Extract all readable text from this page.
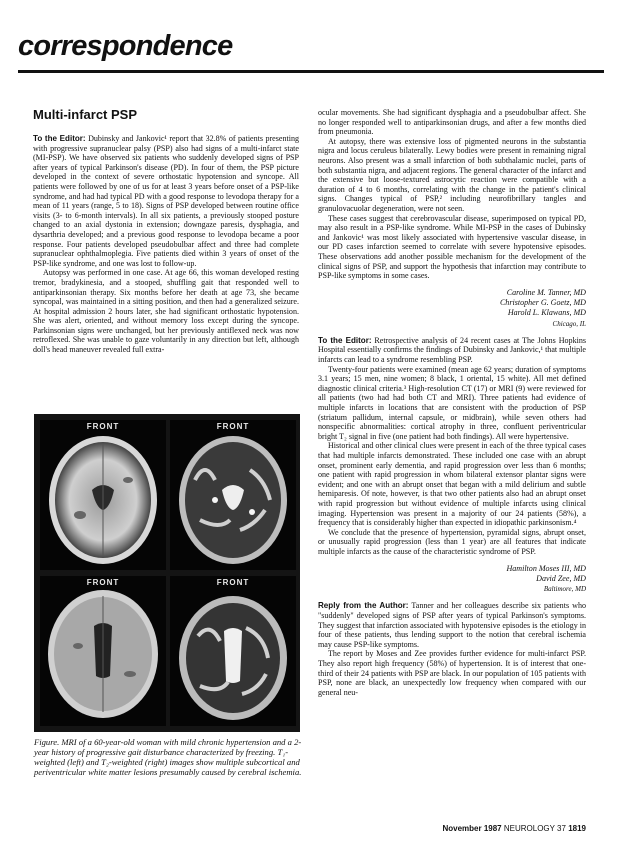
correspondence
Multi-infarct PSP

To the Editor: Dubinsky and Jankovic¹ report that 32.8% of patients presenting with progressive supranuclear palsy (PSP) also had signs of a multi-infarct state (MI-PSP). We have observed six patients who suddenly developed signs of PSP after years of typical Parkinson's disease (PD). In four of them, the PSP picture developed in the context of severe orthostatic hypotension and syncope. All patients were followed by one of us for at least 3 years before onset of a PSP-like syndrome, and had had typical PD with a good response to levodopa therapy for a mean of 11 years (range, 5 to 18). Signs of PSP developed between routine office visits (3- to 6-month intervals). In all six patients, a previously stooped posture changed to an axial dystonia in extension; downgaze paresis, dysphagia, and dysarthria developed; and a previous good response to levodopa became a poor response. Four patients developed pseudobulbar affect and three had complete supranuclear ophthalmoplegia. Five patients died within 3 years of onset of the PSP-like syndrome, and one was lost to follow-up.

Autopsy was performed in one case. At age 66, this woman developed resting tremor, bradykinesia, and a stooped, shuffling gait that responded well to antiparkinsonian therapy. Six months before her death at age 73, she became syncopal, was maintained in a sitting position, and then had a generalized seizure. At hospital admission 2 hours later, she had significant orthostatic hypotension. She was alert, oriented, and without memory loss except during the syncope. Parkinsonian signs were unchanged, but her previously antiflexed neck was now retroflexed. She was unable to gaze voluntarily in any direction but left, although doll's head maneuver revealed full extra-

FRONT	FRONT
FRONT	FRONT
Figure. MRI of a 60-year-old woman with mild chronic hypertension and a 2-year history of progressive gait disturbance characterized by freezing. T₁-weighted (left) and T₂-weighted (right) images show multiple subcortical and periventricular white matter lesions presumably caused by cerebral ischemia.

ocular movements. She had significant dysphagia and a pseudobulbar affect. She no longer responded well to antiparkinsonian drugs, and after a few months died from pneumonia.

At autopsy, there was extensive loss of pigmented neurons in the substantia nigra and locus ceruleus bilaterally. Lewy bodies were present in remaining nigral neurons. Also present was a small infarction of both subthalamic nuclei, parts of both substantia nigra, and adjacent regions. The general character of the infarct and the extensive but loose-textured astrocytic reaction were compatible with a duration of 4 to 6 months, correlating with the change in the patient's clinical signs. Changes typical of PSP,² including neurofibrillary tangles and granulovacuolar degeneration, were not seen.

These cases suggest that cerebrovascular disease, superimposed on typical PD, may also result in a PSP-like syndrome. While MI-PSP in the cases of Dubinsky and Jankovic¹ was most likely associated with hypertensive vascular disease, in our PD cases infarction seemed to correlate with severe hypotensive episodes. These observations add another possible mechanism for the development of the clinical signs of PSP, and support the hypothesis that infarction may contribute to PSP-like symptoms in some cases.

Caroline M. Tanner, MD
Christopher G. Goetz, MD
Harold L. Klawans, MD
Chicago, IL

To the Editor: Retrospective analysis of 24 recent cases at The Johns Hopkins Hospital essentially confirms the findings of Dubinsky and Jankovic,¹ that multiple infarcts can lead to a syndrome resembling PSP.

Twenty-four patients were examined (mean age 62 years; duration of symptoms 3.1 years; 15 men, nine women; 8 black, 1 oriental, 15 white). All met defined diagnostic clinical criteria.³ High-resolution CT (17) or MRI (9) were reviewed for all patients (two had had both CT and MRI). Three patients had evidence of multiple infarcts in locations that are consistent with the production of PSP (striatum pallidum, internal capsule, or midbrain), while seven others had nonspecific abnormalities: cortical atrophy in three, confluent periventricular bright T₂ signal in five (one patient had both findings). All were hypertensive.

Historical and other clinical clues were present in each of the three typical cases that had multiple infarcts demonstrated. These included one case with an abrupt onset, prominent early dementia, and rapid progression over less than 6 months; one patient with rapid progression in whom bilateral extensor plantar signs were evident; and one with an abrupt onset that began with a mild delirium and subtle hemiparesis. Of note, however, is that two other patients also had an abrupt onset with rapid progression but without evidence of multiple infarcts using clinical imaging. Hypertension was present in a majority of our 24 patients (58%), a frequency that is considerably higher than expected in idiopathic parkinsonism.⁴

We conclude that the presence of hypertension, pyramidal signs, abrupt onset, or unusually rapid progression (less than 1 year) are all features that indicate multiple infarcts as the cause of the characteristic syndrome of PSP.

Hamilton Moses III, MD
David Zee, MD
Baltimore, MD

Reply from the Author: Tanner and her colleagues describe six patients who "suddenly" developed signs of PSP after years of typical Parkinson's symptoms. They suggest that infarction associated with hypotensive episodes is the etiology in four of these patients, thus lending support to the notion that cerebral ischemia may cause PSP-like symptoms.

The report by Moses and Zee provides further evidence for multi-infarct PSP. They also report high frequency (58%) of hypertension. It is of interest that one-third of their 24 patients with PSP are black. In our population of 105 patients with PSP, none are black, an unexpectedly low frequency when compared with our general neu-

November 1987 NEUROLOGY 37 1819
